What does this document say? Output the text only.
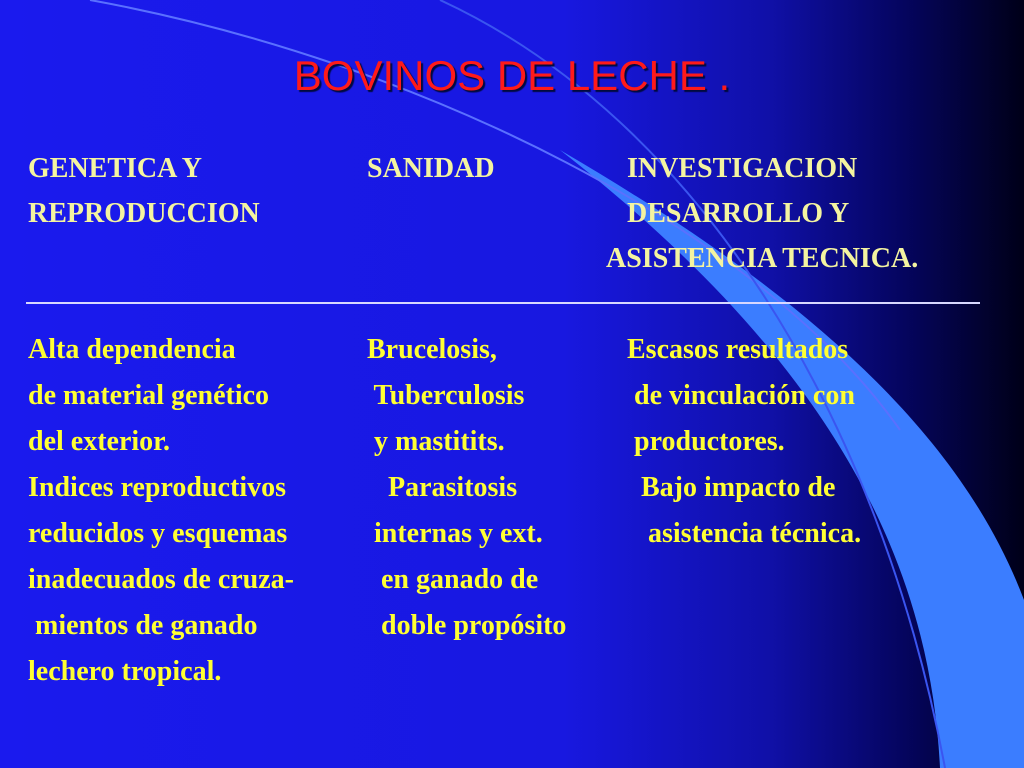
BOVINOS DE LECHE .
GENETICA Y
REPRODUCCION
SANIDAD	INVESTIGACION
DESARROLLO Y
ASISTENCIA TECNICA.
Alta dependencia
de material genético
del exterior.
Indices reproductivos
reducidos y esquemas
inadecuados de cruza-
mientos de ganado
lechero tropical.
Brucelosis,
Tuberculosis
y mastitits.
Parasitosis
internas y ext.
en ganado de
doble propósito
Escasos resultados
de vinculación con
productores.
Bajo impacto de
asistencia técnica.
